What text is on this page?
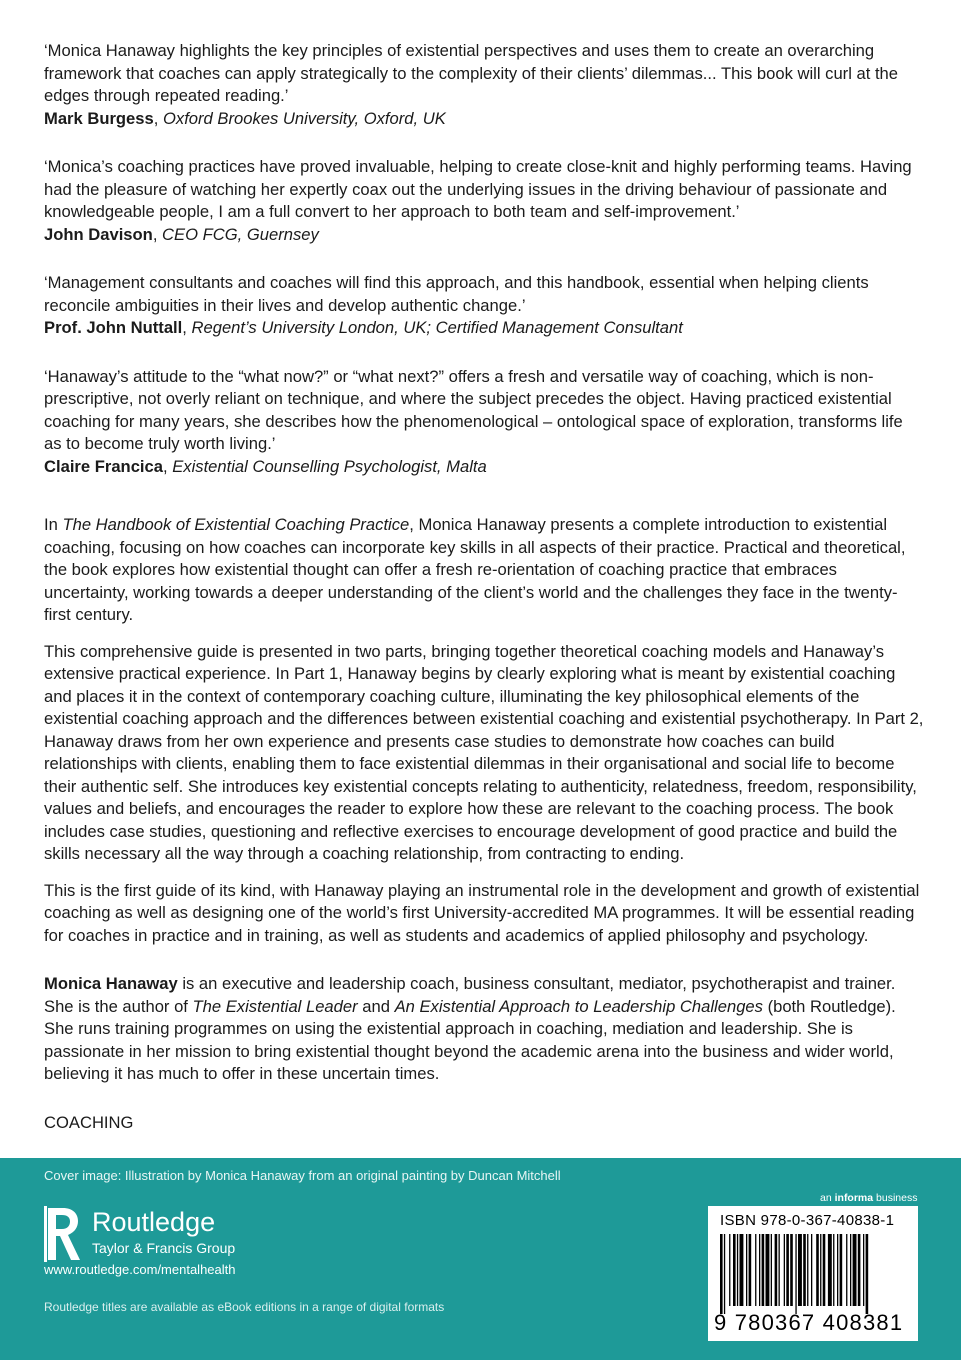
‘Monica Hanaway highlights the key principles of existential perspectives and uses them to create an overarching framework that coaches can apply strategically to the complexity of their clients’ dilemmas... This book will curl at the edges through repeated reading.’

Mark Burgess, Oxford Brookes University, Oxford, UK

‘Monica’s coaching practices have proved invaluable, helping to create close-knit and highly performing teams. Having had the pleasure of watching her expertly coax out the underlying issues in the driving behaviour of passionate and knowledgeable people, I am a full convert to her approach to both team and self-improvement.’

John Davison, CEO FCG, Guernsey

‘Management consultants and coaches will find this approach, and this handbook, essential when helping clients reconcile ambiguities in their lives and develop authentic change.’

Prof. John Nuttall, Regent’s University London, UK; Certified Management Consultant

‘Hanaway’s attitude to the “what now?” or “what next?” offers a fresh and versatile way of coaching, which is non-prescriptive, not overly reliant on technique, and where the subject precedes the object. Having practiced existential coaching for many years, she describes how the phenomenological – ontological space of exploration, transforms life as to become truly worth living.’

Claire Francica, Existential Counselling Psychologist, Malta

In The Handbook of Existential Coaching Practice, Monica Hanaway presents a complete introduction to existential coaching, focusing on how coaches can incorporate key skills in all aspects of their practice. Practical and theoretical, the book explores how existential thought can offer a fresh re-orientation of coaching practice that embraces uncertainty, working towards a deeper understanding of the client’s world and the challenges they face in the twenty-first century.

This comprehensive guide is presented in two parts, bringing together theoretical coaching models and Hanaway’s extensive practical experience. In Part 1, Hanaway begins by clearly exploring what is meant by existential coaching and places it in the context of contemporary coaching culture, illuminating the key philosophical elements of the existential coaching approach and the differences between existential coaching and existential psychotherapy. In Part 2, Hanaway draws from her own experience and presents case studies to demonstrate how coaches can build relationships with clients, enabling them to face existential dilemmas in their organisational and social life to become their authentic self. She introduces key existential concepts relating to authenticity, relatedness, freedom, responsibility, values and beliefs, and encourages the reader to explore how these are relevant to the coaching process. The book includes case studies, questioning and reflective exercises to encourage development of good practice and build the skills necessary all the way through a coaching relationship, from contracting to ending.

This is the first guide of its kind, with Hanaway playing an instrumental role in the development and growth of existential coaching as well as designing one of the world’s first University-accredited MA programmes. It will be essential reading for coaches in practice and in training, as well as students and academics of applied philosophy and psychology.

Monica Hanaway is an executive and leadership coach, business consultant, mediator, psychotherapist and trainer. She is the author of The Existential Leader and An Existential Approach to Leadership Challenges (both Routledge). She runs training programmes on using the existential approach in coaching, mediation and leadership. She is passionate in her mission to bring existential thought beyond the academic arena into the business and wider world, believing it has much to offer in these uncertain times.

COACHING

Cover image: Illustration by Monica Hanaway from an original painting by Duncan Mitchell
Routledge
Taylor & Francis Group
www.routledge.com/mentalhealth
Routledge titles are available as eBook editions in a range of digital formats
an informa business
ISBN 978-0-367-40838-1
9 780367 408381
